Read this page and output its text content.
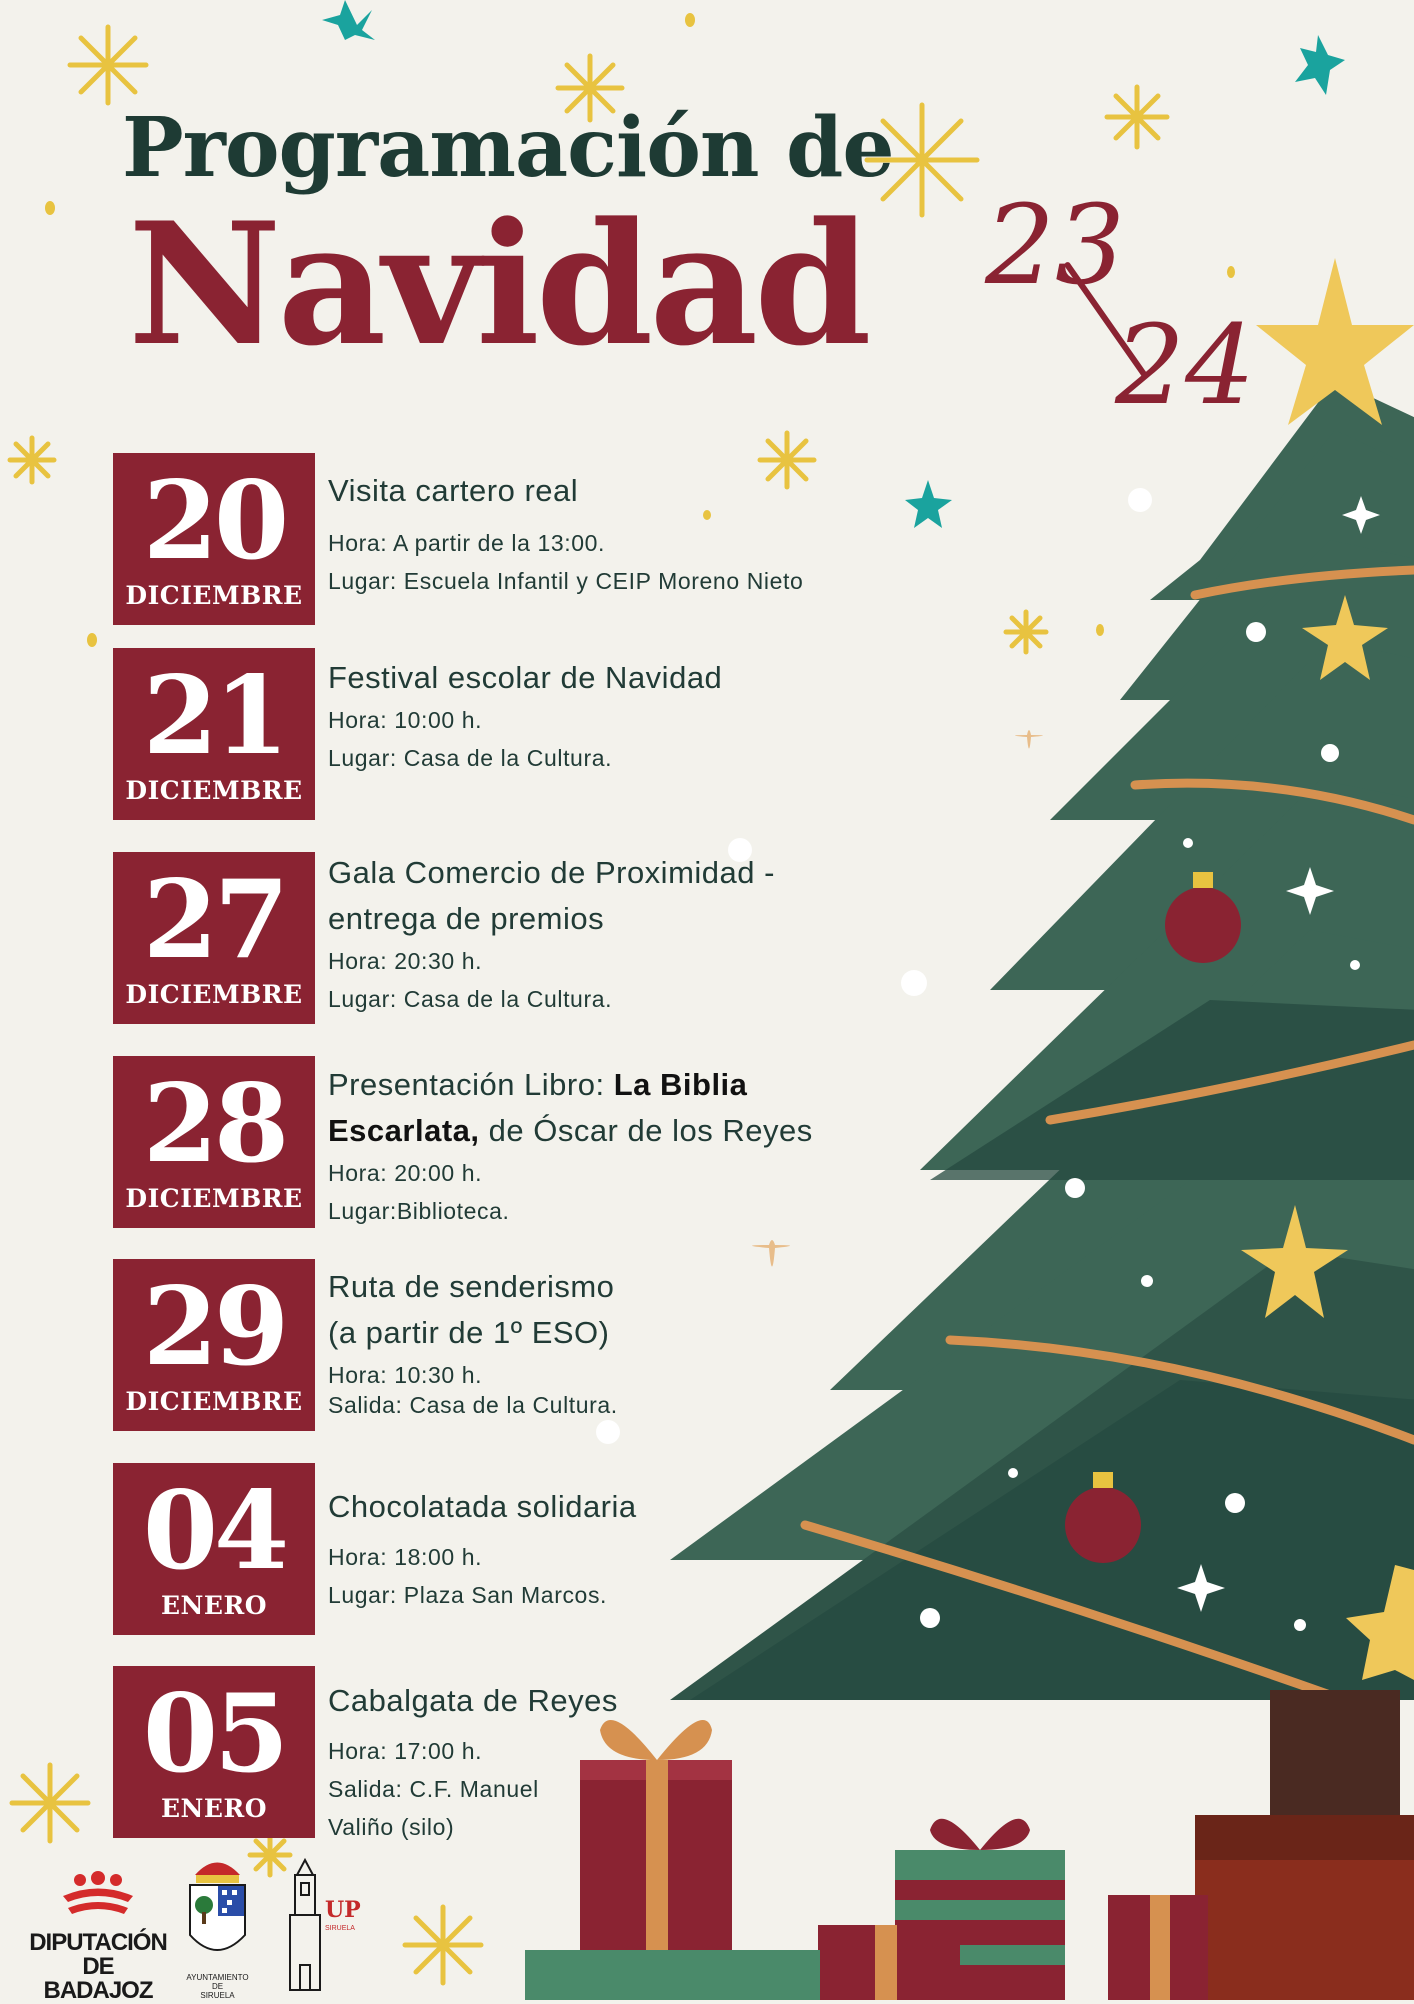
Programación de
Navidad 23
24
20
DICIEMBRE
Visita cartero real
Hora: A partir de la 13:00.
Lugar: Escuela Infantil y CEIP Moreno Nieto
21
DICIEMBRE
Festival escolar de Navidad
Hora: 10:00 h.
Lugar: Casa de la Cultura.
27
DICIEMBRE
Gala Comercio de Proximidad -
entrega de premios
Hora: 20:30 h.
Lugar: Casa de la Cultura.
28
DICIEMBRE
Presentación Libro: La Biblia
Escarlata, de Óscar de los Reyes
Hora: 20:00 h.
Lugar:Biblioteca.
29
DICIEMBRE
Ruta de senderismo
(a partir de 1º ESO)
Hora: 10:30 h.
Salida: Casa de la Cultura.
04
ENERO
Chocolatada solidaria
Hora: 18:00 h.
Lugar: Plaza San Marcos.
05
ENERO
Cabalgata de Reyes
Hora: 17:00 h.
Salida: C.F. Manuel
Valiño (silo)
DIPUTACIÓN
DE BADAJOZ	AYUNTAMIENTO DE
SIRUELA
UP
SIRUELA
